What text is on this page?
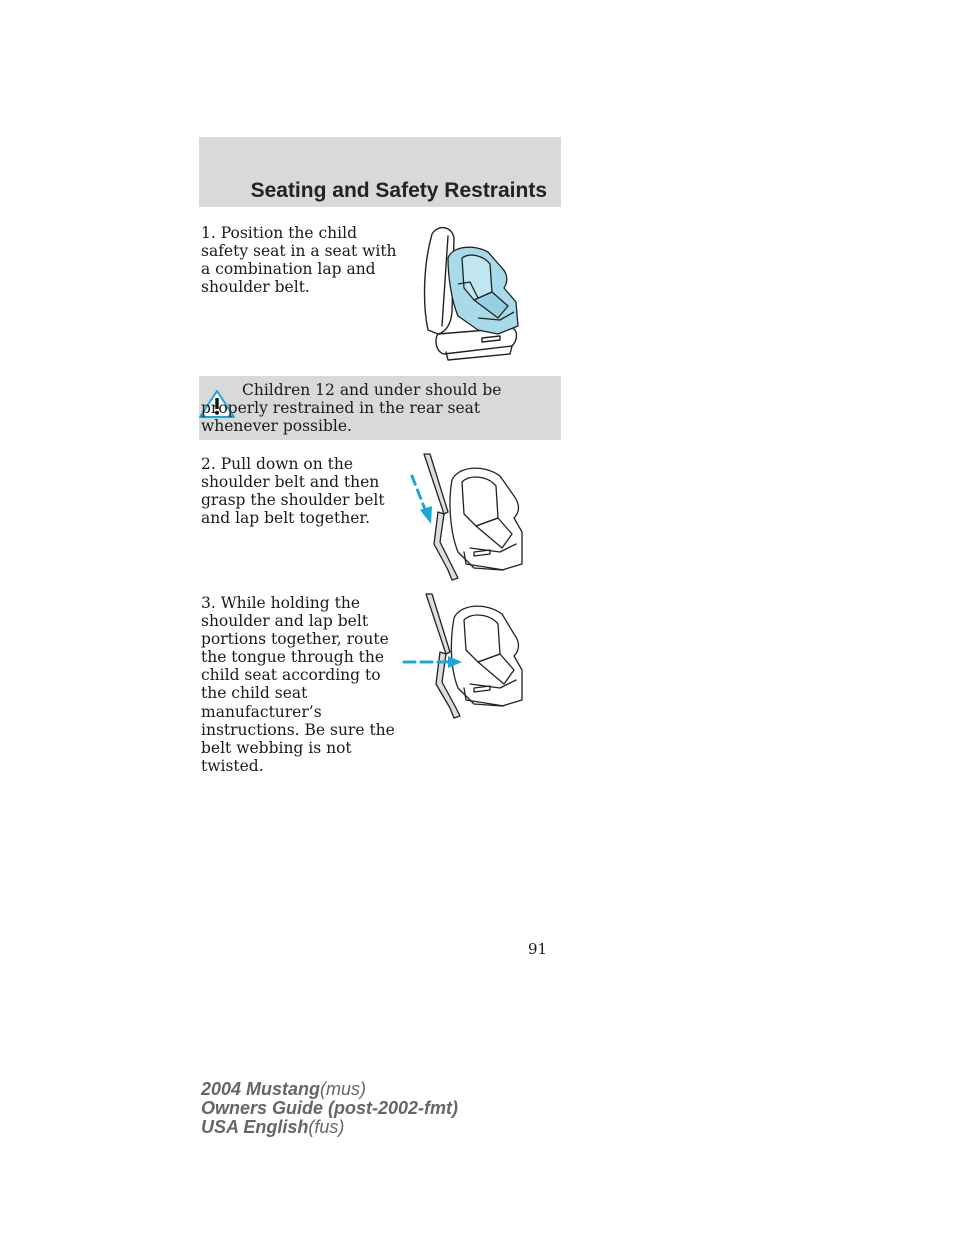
Seating and Safety Restraints
1. Position the child safety seat in a seat with a combination lap and shoulder belt.
Children 12 and under should be properly restrained in the rear seat whenever possible.
2. Pull down on the shoulder belt and then grasp the shoulder belt and lap belt together.
3. While holding the shoulder and lap belt portions together, route the tongue through the child seat according to the child seat manufacturer’s instructions. Be sure the belt webbing is not twisted.
91
2004 Mustang(mus)
Owners Guide (post-2002-fmt)
USA English(fus)
